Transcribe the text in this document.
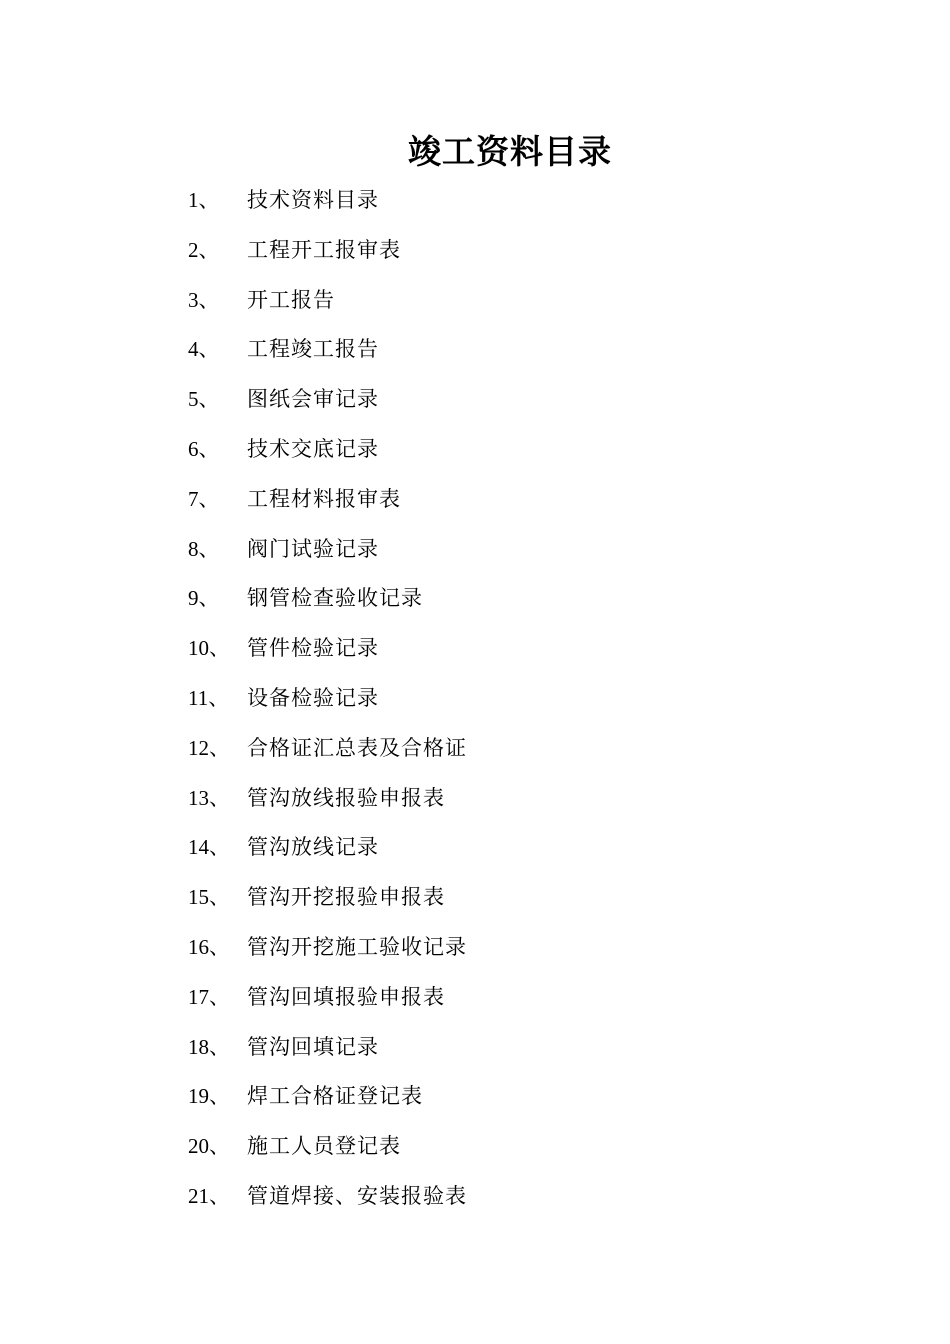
竣工资料目录
1、	技术资料目录
2、	工程开工报审表
3、	开工报告
4、	工程竣工报告
5、	图纸会审记录
6、	技术交底记录
7、	工程材料报审表
8、	阀门试验记录
9、	钢管检查验收记录
10、 管件检验记录
11、 设备检验记录
12、 合格证汇总表及合格证
13、 管沟放线报验申报表
14、 管沟放线记录
15、 管沟开挖报验申报表
16、 管沟开挖施工验收记录
17、 管沟回填报验申报表
18、 管沟回填记录
19、 焊工合格证登记表
20、 施工人员登记表
21、 管道焊接、安装报验表
